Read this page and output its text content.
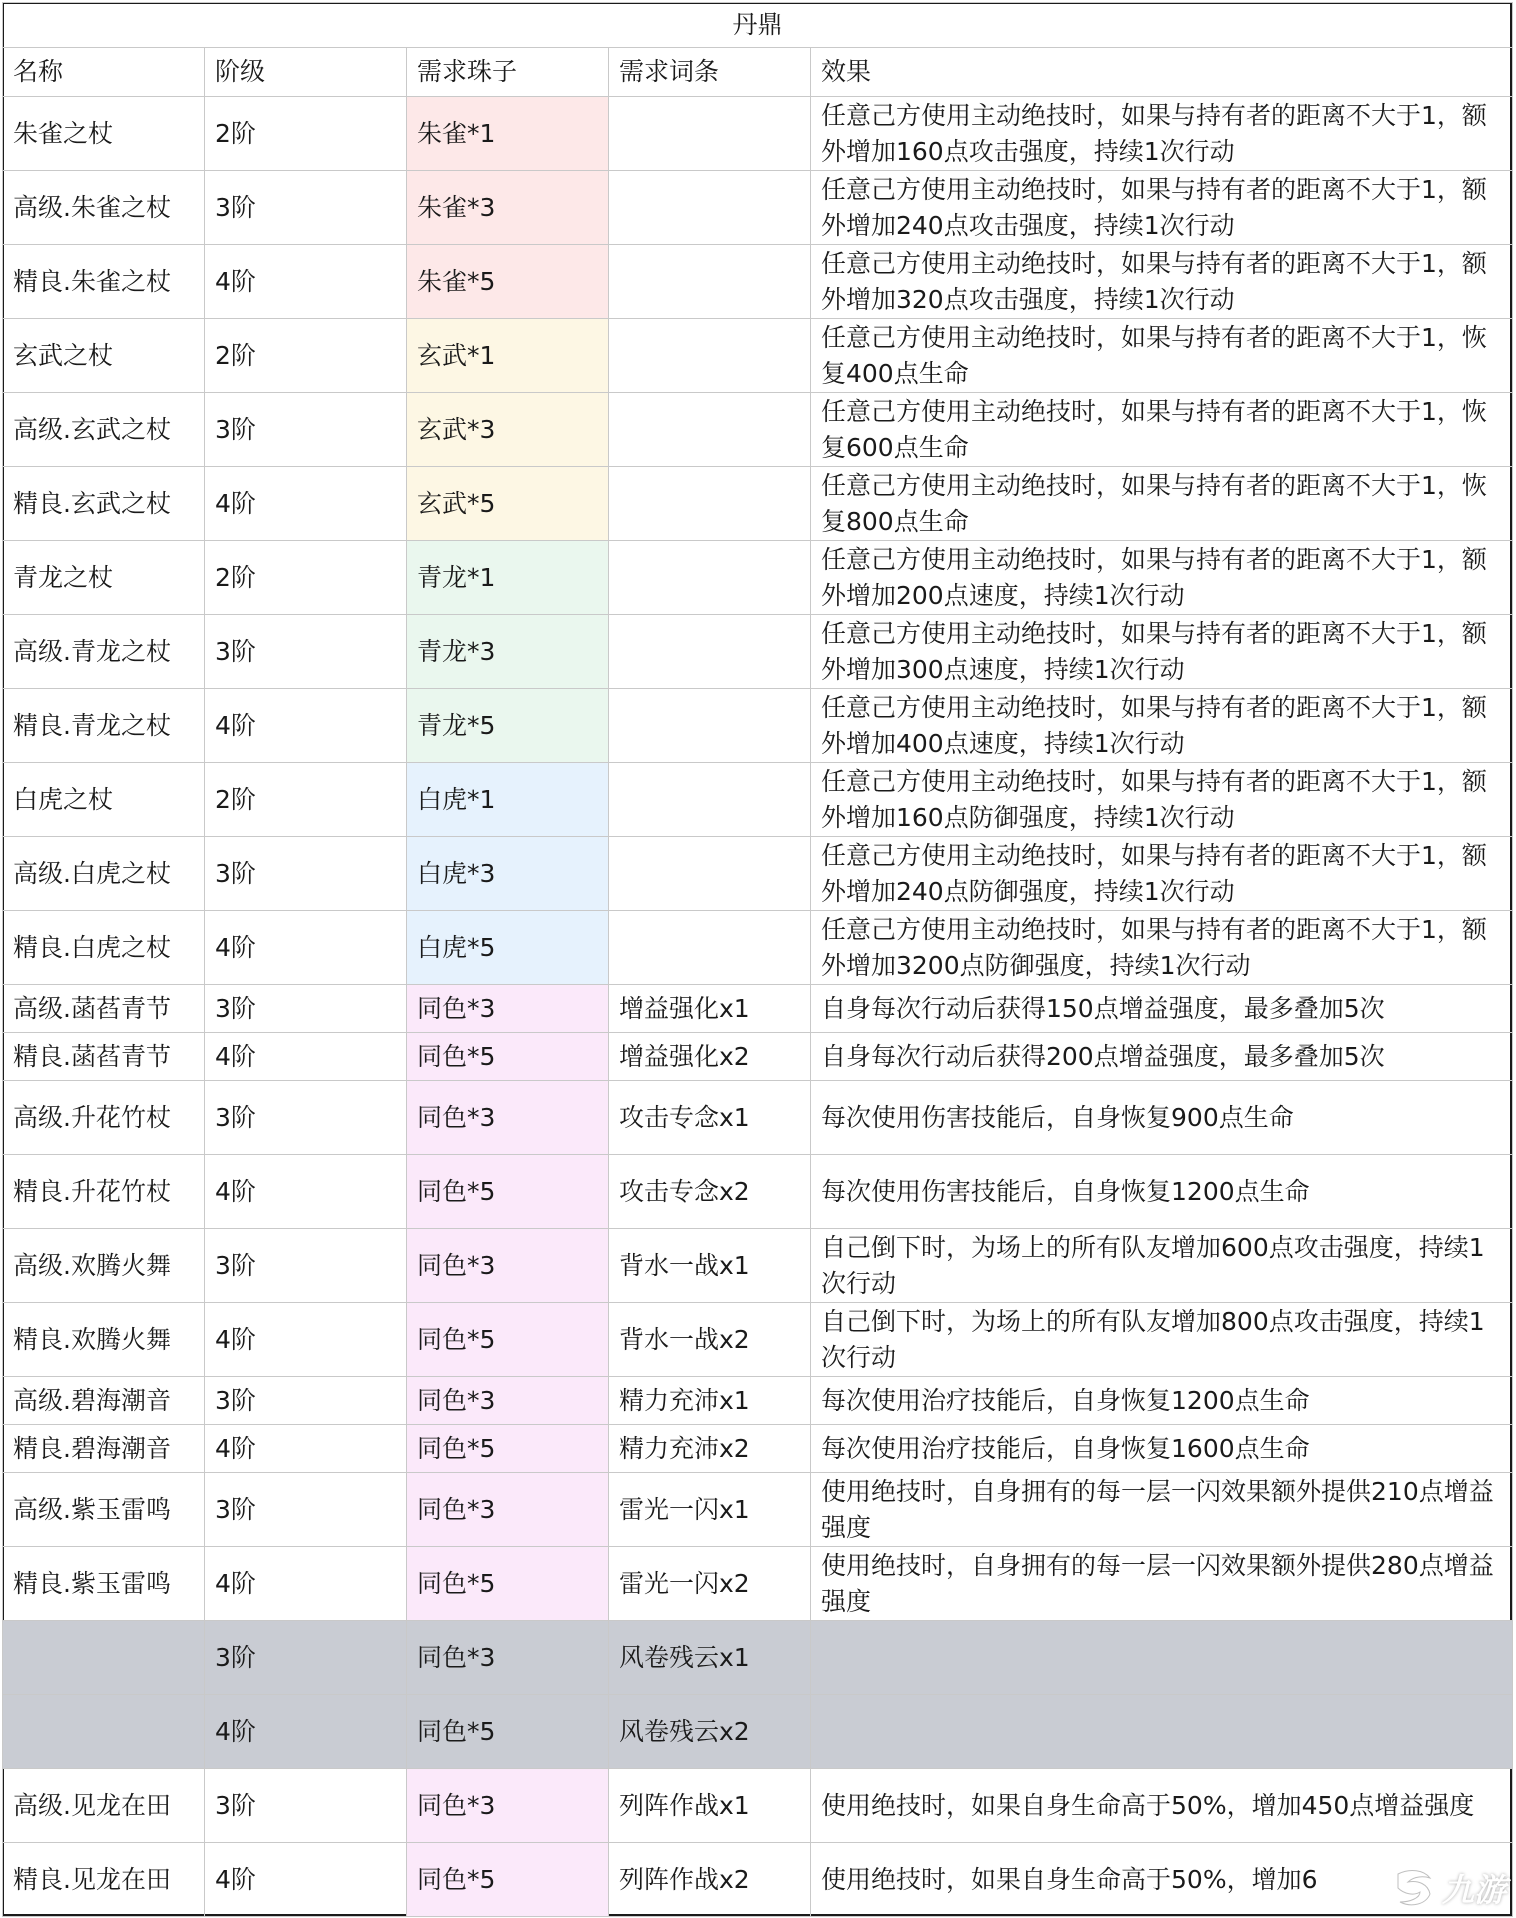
丹鼎				
名称	阶级	需求珠子	需求词条	效果
朱雀之杖	2阶	朱雀*1		任意己方使用主动绝技时，如果与持有者的距离不大于1，额外增加160点攻击强度，持续1次行动
高级.朱雀之杖	3阶	朱雀*3		任意己方使用主动绝技时，如果与持有者的距离不大于1，额外增加240点攻击强度，持续1次行动
精良.朱雀之杖	4阶	朱雀*5		任意己方使用主动绝技时，如果与持有者的距离不大于1，额外增加320点攻击强度，持续1次行动
玄武之杖	2阶	玄武*1		任意己方使用主动绝技时，如果与持有者的距离不大于1，恢复400点生命
高级.玄武之杖	3阶	玄武*3		任意己方使用主动绝技时，如果与持有者的距离不大于1，恢复600点生命
精良.玄武之杖	4阶	玄武*5		任意己方使用主动绝技时，如果与持有者的距离不大于1，恢复800点生命
青龙之杖	2阶	青龙*1		任意己方使用主动绝技时，如果与持有者的距离不大于1，额外增加200点速度，持续1次行动
高级.青龙之杖	3阶	青龙*3		任意己方使用主动绝技时，如果与持有者的距离不大于1，额外增加300点速度，持续1次行动
精良.青龙之杖	4阶	青龙*5		任意己方使用主动绝技时，如果与持有者的距离不大于1，额外增加400点速度，持续1次行动
白虎之杖	2阶	白虎*1		任意己方使用主动绝技时，如果与持有者的距离不大于1，额外增加160点防御强度，持续1次行动
高级.白虎之杖	3阶	白虎*3		任意己方使用主动绝技时，如果与持有者的距离不大于1，额外增加240点防御强度，持续1次行动
精良.白虎之杖	4阶	白虎*5		任意己方使用主动绝技时，如果与持有者的距离不大于1，额外增加3200点防御强度，持续1次行动
高级.菡萏青节	3阶	同色*3	增益强化x1	自身每次行动后获得150点增益强度，最多叠加5次
精良.菡萏青节	4阶	同色*5	增益强化x2	自身每次行动后获得200点增益强度，最多叠加5次
高级.升花竹杖	3阶	同色*3	攻击专念x1	每次使用伤害技能后，自身恢复900点生命
精良.升花竹杖	4阶	同色*5	攻击专念x2	每次使用伤害技能后，自身恢复1200点生命
高级.欢腾火舞	3阶	同色*3	背水一战x1	自己倒下时，为场上的所有队友增加600点攻击强度，持续1次行动
精良.欢腾火舞	4阶	同色*5	背水一战x2	自己倒下时，为场上的所有队友增加800点攻击强度，持续1次行动
高级.碧海潮音	3阶	同色*3	精力充沛x1	每次使用治疗技能后，自身恢复1200点生命
精良.碧海潮音	4阶	同色*5	精力充沛x2	每次使用治疗技能后，自身恢复1600点生命
高级.紫玉雷鸣	3阶	同色*3	雷光一闪x1	使用绝技时，自身拥有的每一层一闪效果额外提供210点增益强度
精良.紫玉雷鸣	4阶	同色*5	雷光一闪x2	使用绝技时，自身拥有的每一层一闪效果额外提供280点增益强度
	3阶	同色*3	风卷残云x1	
	4阶	同色*5	风卷残云x2	
高级.见龙在田	3阶	同色*3	列阵作战x1	使用绝技时，如果自身生命高于50%，增加450点增益强度
精良.见龙在田	4阶	同色*5	列阵作战x2	使用绝技时，如果自身生命高于50%，增加6	九游
